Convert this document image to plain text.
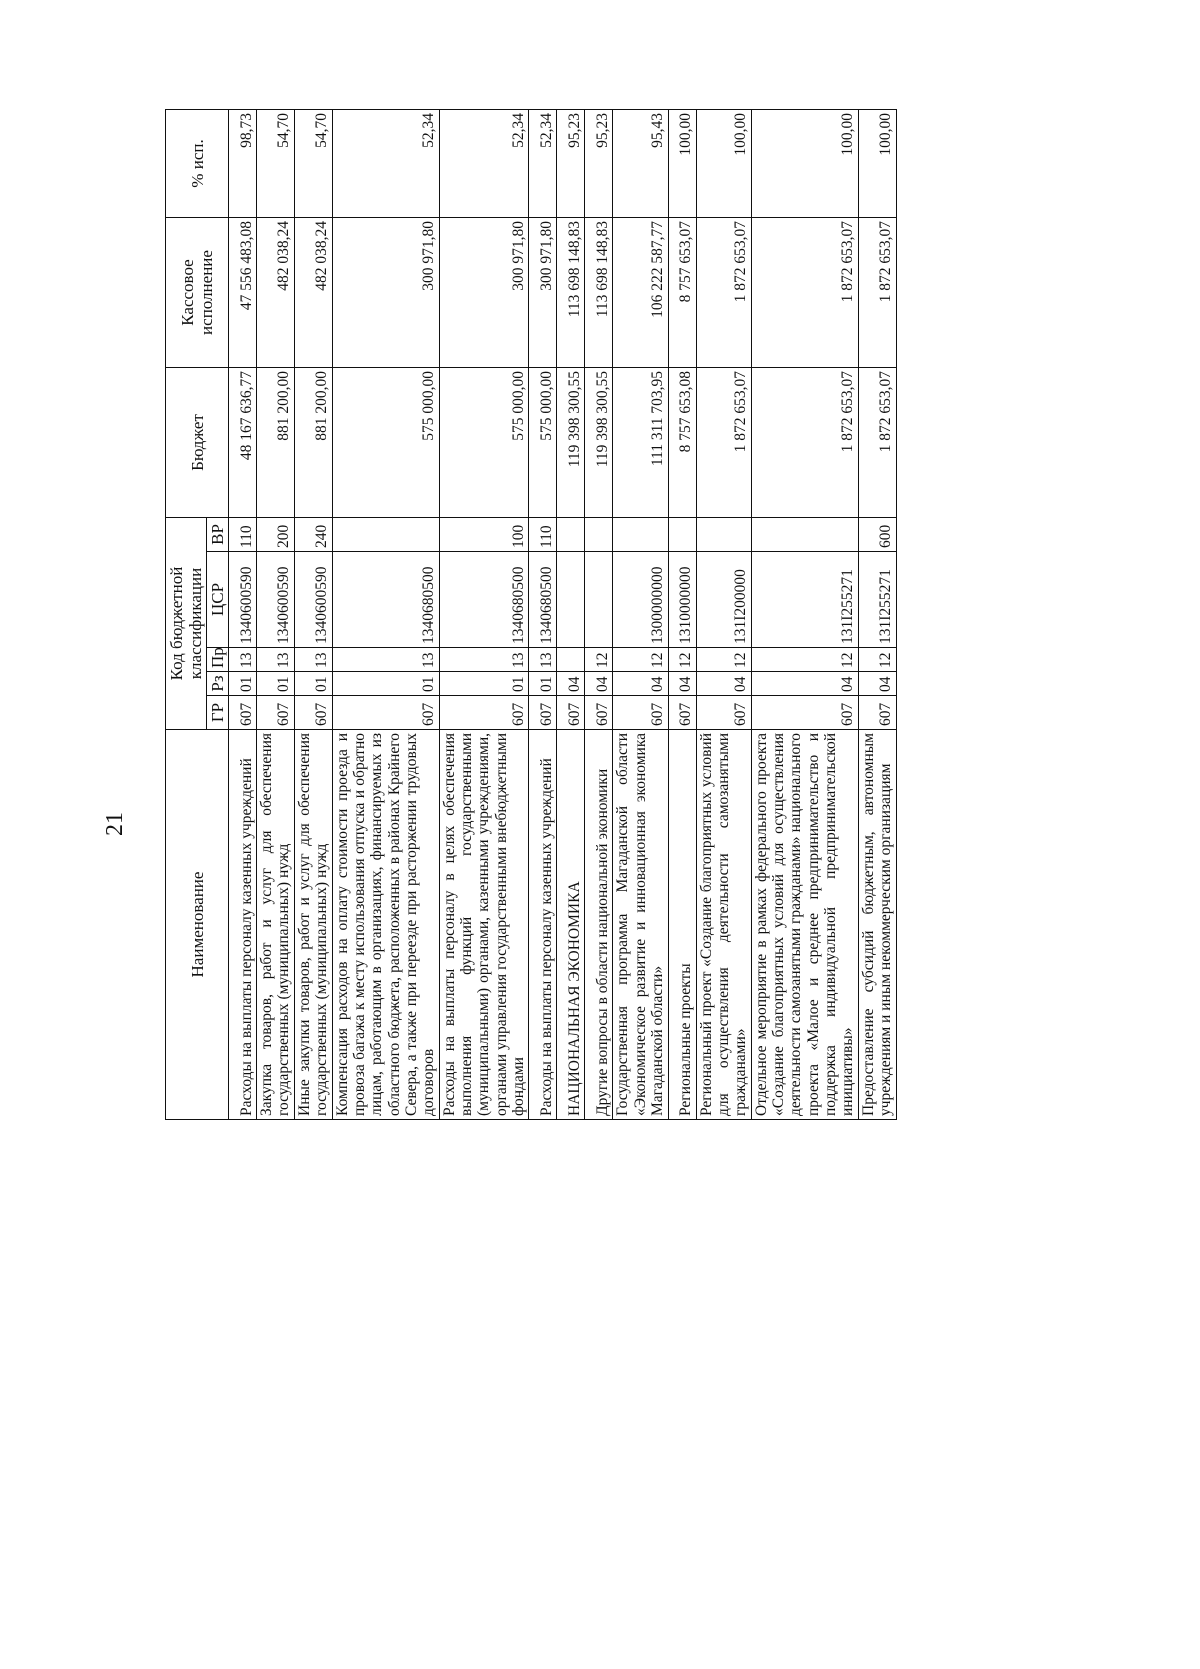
21
Наименование	Код бюджетной классификации					Бюджет	Кассовое исполнение	% исп.
	ГР	Рз	Пр	ЦСР	ВР			
Расходы на выплаты персоналу казенных учреждений	607	01	13	1340600590	110	48 167 636,77	47 556 483,08	98,73
Закупка товаров, работ и услуг для обеспечения государственных (муниципальных) нужд	607	01	13	1340600590	200	881 200,00	482 038,24	54,70
Иные закупки товаров, работ и услуг для обеспечения государственных (муниципальных) нужд	607	01	13	1340600590	240	881 200,00	482 038,24	54,70
Компенсация расходов на оплату стоимости проезда и провоза багажа к месту использования отпуска и обратно лицам, работающим в организациях, финансируемых из областного бюджета, расположенных в районах Крайнего Севера, а также при переезде при расторжении трудовых договоров	607	01	13	1340680500		575 000,00	300 971,80	52,34
Расходы на выплаты персоналу в целях обеспечения выполнения функций государственными (муниципальными) органами, казенными учреждениями, органами управления государственными внебюджетными фондами	607	01	13	1340680500	100	575 000,00	300 971,80	52,34
Расходы на выплаты персоналу казенных учреждений	607	01	13	1340680500	110	575 000,00	300 971,80	52,34
НАЦИОНАЛЬНАЯ ЭКОНОМИКА	607	04				119 398 300,55	113 698 148,83	95,23
Другие вопросы в области национальной экономики	607	04	12			119 398 300,55	113 698 148,83	95,23
Государственная программа Магаданской области «Экономическое развитие и инновационная экономика Магаданской области»	607	04	12	1300000000		111 311 703,95	106 222 587,77	95,43
Региональные проекты	607	04	12	1310000000		8 757 653,08	8 757 653,07	100,00
Региональный проект «Создание благоприятных условий для осуществления деятельности самозанятыми гражданами»	607	04	12	131I200000		1 872 653,07	1 872 653,07	100,00
Отдельное мероприятие в рамках федерального проекта «Создание благоприятных условий для осуществления деятельности самозанятыми гражданами» национального проекта «Малое и среднее предпринимательство и поддержка индивидуальной предпринимательской инициативы»	607	04	12	131I255271		1 872 653,07	1 872 653,07	100,00
Предоставление субсидий бюджетным, автономным учреждениям и иным некоммерческим организациям	607	04	12	131I255271	600	1 872 653,07	1 872 653,07	100,00
